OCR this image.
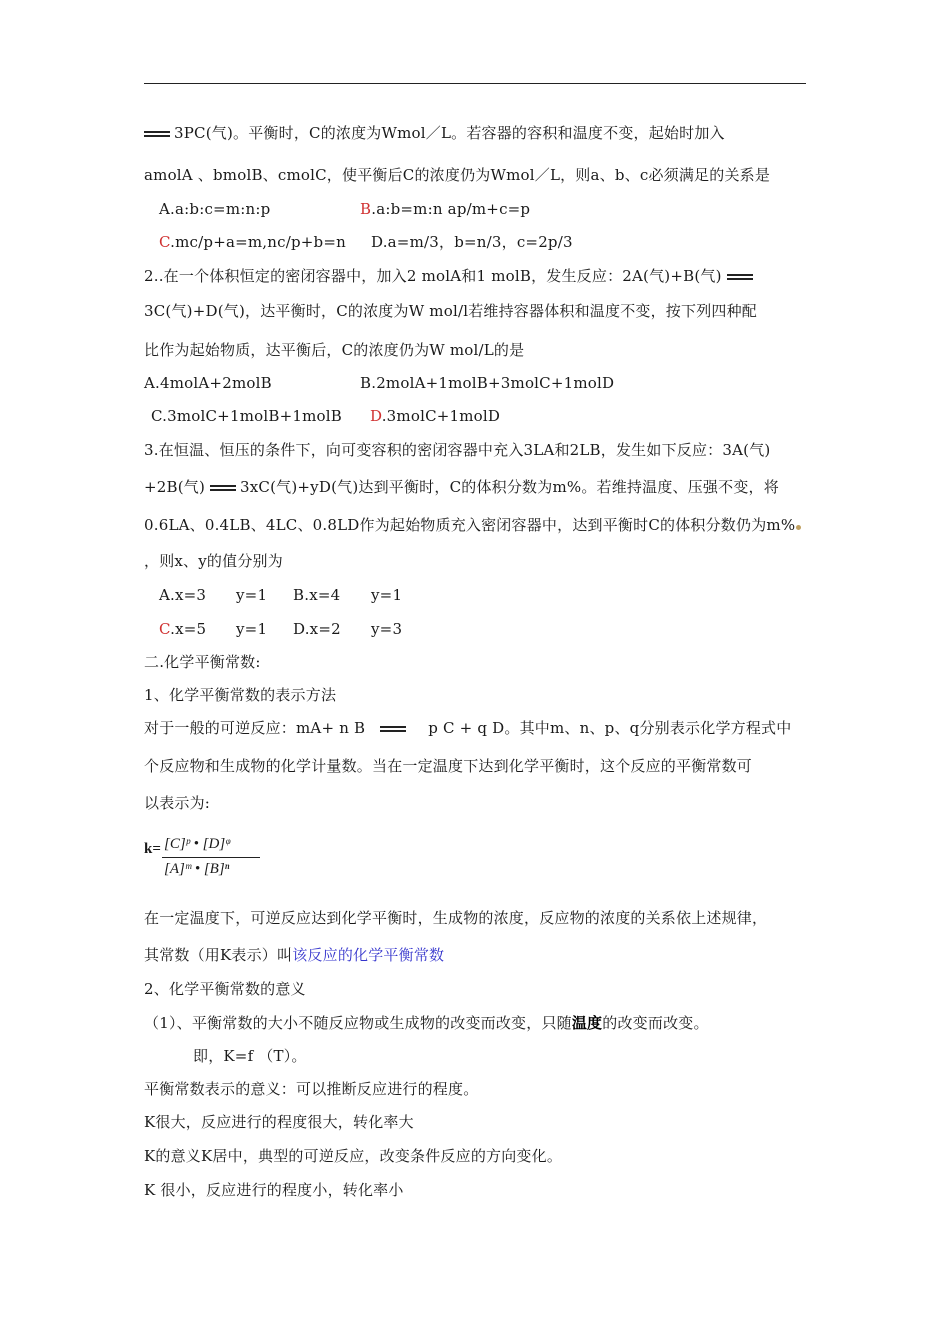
3PC(气)。平衡时，C的浓度为Wmol／L。若容器的容积和温度不变，起始时加入
amolA 、bmolB、cmolC，使平衡后C的浓度仍为Wmol／L，则a、b、c必须满足的关系是
A.a:b:c=m:n:p	B.a:b=m:n ap/m+c=p
C.mc/p+a=m,nc/p+b=n D.a=m/3，b=n/3，c=2p/3
2..在一个体积恒定的密闭容器中，加入2 molA和1 molB，发生反应：2A(气)+B(气)
3C(气)+D(气)，达平衡时，C的浓度为W mol/l若维持容器体积和温度不变，按下列四种配
比作为起始物质，达平衡后，C的浓度仍为W mol/L的是
A.4molA+2molB	B.2molA+1molB+3molC+1molD
C.3molC+1molB+1molB D.3molC+1molD
3.在恒温、恒压的条件下，向可变容积的密闭容器中充入3LA和2LB，发生如下反应：3A(气)
+2B(气) 3xC(气)+yD(气)达到平衡时，C的体积分数为m%。若维持温度、压强不变，将
0.6LA、0.4LB、4LC、0.8LD作为起始物质充入密闭容器中，达到平衡时C的体积分数仍为m%
，则x、y的值分别为
A.x=3 y=1 B.x=4 y=1
C.x=5 y=1 D.x=2 y=3
二.化学平衡常数:
1、化学平衡常数的表示方法
对于一般的可逆反应：mA+ n B	p C + q D。其中m、n、p、q分别表示化学方程式中
个反应物和生成物的化学计量数。当在一定温度下达到化学平衡时，这个反应的平衡常数可
以表示为:
k= [C]ᵖ • [D]ᵠ
[A]ᵐ • [B]ⁿ
在一定温度下，可逆反应达到化学平衡时，生成物的浓度，反应物的浓度的关系依上述规律，
其常数（用K表示）叫该反应的化学平衡常数
2、化学平衡常数的意义
（1）、平衡常数的大小不随反应物或生成物的改变而改变，只随温度的改变而改变。
即，K=f （T）。
平衡常数表示的意义：可以推断反应进行的程度。
K很大，反应进行的程度很大，转化率大
K的意义K居中，典型的可逆反应，改变条件反应的方向变化。
K 很小，反应进行的程度小，转化率小
